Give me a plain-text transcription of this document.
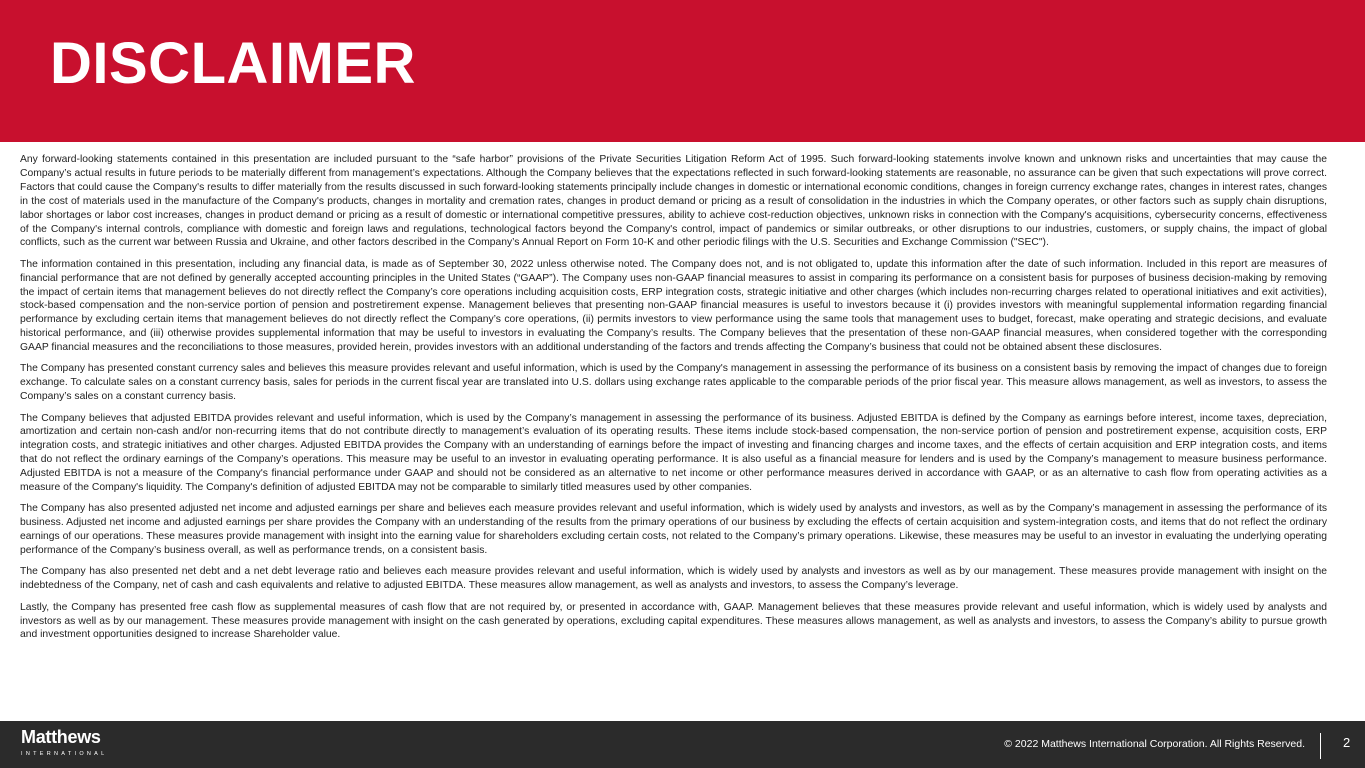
DISCLAIMER

Any forward-looking statements contained in this presentation are included pursuant to the “safe harbor” provisions of the Private Securities Litigation Reform Act of 1995. Such forward-looking statements involve known and unknown risks and uncertainties that may cause the Company’s actual results in future periods to be materially different from management’s expectations. Although the Company believes that the expectations reflected in such forward-looking statements are reasonable, no assurance can be given that such expectations will prove correct. Factors that could cause the Company's results to differ materially from the results discussed in such forward-looking statements principally include changes in domestic or international economic conditions, changes in foreign currency exchange rates, changes in interest rates, changes in the cost of materials used in the manufacture of the Company's products, changes in mortality and cremation rates, changes in product demand or pricing as a result of consolidation in the industries in which the Company operates, or other factors such as supply chain disruptions, labor shortages or labor cost increases, changes in product demand or pricing as a result of domestic or international competitive pressures, ability to achieve cost-reduction objectives, unknown risks in connection with the Company's acquisitions, cybersecurity concerns, effectiveness of the Company's internal controls, compliance with domestic and foreign laws and regulations, technological factors beyond the Company's control, impact of pandemics or similar outbreaks, or other disruptions to our industries, customers, or supply chains, the impact of global conflicts, such as the current war between Russia and Ukraine, and other factors described in the Company’s Annual Report on Form 10-K and other periodic filings with the U.S. Securities and Exchange Commission ("SEC").

The information contained in this presentation, including any financial data, is made as of September 30, 2022 unless otherwise noted. The Company does not, and is not obligated to, update this information after the date of such information. Included in this report are measures of financial performance that are not defined by generally accepted accounting principles in the United States (“GAAP”). The Company uses non-GAAP financial measures to assist in comparing its performance on a consistent basis for purposes of business decision-making by removing the impact of certain items that management believes do not directly reflect the Company’s core operations including acquisition costs, ERP integration costs, strategic initiative and other charges (which includes non-recurring charges related to operational initiatives and exit activities), stock-based compensation and the non-service portion of pension and postretirement expense. Management believes that presenting non-GAAP financial measures is useful to investors because it (i) provides investors with meaningful supplemental information regarding financial performance by excluding certain items that management believes do not directly reflect the Company’s core operations, (ii) permits investors to view performance using the same tools that management uses to budget, forecast, make operating and strategic decisions, and evaluate historical performance, and (iii) otherwise provides supplemental information that may be useful to investors in evaluating the Company’s results. The Company believes that the presentation of these non-GAAP financial measures, when considered together with the corresponding GAAP financial measures and the reconciliations to those measures, provided herein, provides investors with an additional understanding of the factors and trends affecting the Company’s business that could not be obtained absent these disclosures.

The Company has presented constant currency sales and believes this measure provides relevant and useful information, which is used by the Company's management in assessing the performance of its business on a consistent basis by removing the impact of changes due to foreign exchange. To calculate sales on a constant currency basis, sales for periods in the current fiscal year are translated into U.S. dollars using exchange rates applicable to the comparable periods of the prior fiscal year. This measure allows management, as well as investors, to assess the Company’s sales on a constant currency basis.

The Company believes that adjusted EBITDA provides relevant and useful information, which is used by the Company’s management in assessing the performance of its business. Adjusted EBITDA is defined by the Company as earnings before interest, income taxes, depreciation, amortization and certain non-cash and/or non-recurring items that do not contribute directly to management’s evaluation of its operating results. These items include stock-based compensation, the non-service portion of pension and postretirement expense, acquisition costs, ERP integration costs, and strategic initiatives and other charges. Adjusted EBITDA provides the Company with an understanding of earnings before the impact of investing and financing charges and income taxes, and the effects of certain acquisition and ERP integration costs, and items that do not reflect the ordinary earnings of the Company’s operations. This measure may be useful to an investor in evaluating operating performance. It is also useful as a financial measure for lenders and is used by the Company’s management to measure business performance. Adjusted EBITDA is not a measure of the Company's financial performance under GAAP and should not be considered as an alternative to net income or other performance measures derived in accordance with GAAP, or as an alternative to cash flow from operating activities as a measure of the Company's liquidity. The Company's definition of adjusted EBITDA may not be comparable to similarly titled measures used by other companies.

The Company has also presented adjusted net income and adjusted earnings per share and believes each measure provides relevant and useful information, which is widely used by analysts and investors, as well as by the Company’s management in assessing the performance of its business. Adjusted net income and adjusted earnings per share provides the Company with an understanding of the results from the primary operations of our business by excluding the effects of certain acquisition and system-integration costs, and items that do not reflect the ordinary earnings of our operations. These measures provide management with insight into the earning value for shareholders excluding certain costs, not related to the Company’s primary operations. Likewise, these measures may be useful to an investor in evaluating the underlying operating performance of the Company’s business overall, as well as performance trends, on a consistent basis.

The Company has also presented net debt and a net debt leverage ratio and believes each measure provides relevant and useful information, which is widely used by analysts and investors as well as by our management. These measures provide management with insight on the indebtedness of the Company, net of cash and cash equivalents and relative to adjusted EBITDA. These measures allow management, as well as analysts and investors, to assess the Company’s leverage.

Lastly, the Company has presented free cash flow as supplemental measures of cash flow that are not required by, or presented in accordance with, GAAP. Management believes that these measures provide relevant and useful information, which is widely used by analysts and investors as well as by our management. These measures provide management with insight on the cash generated by operations, excluding capital expenditures. These measures allows management, as well as analysts and investors, to assess the Company’s ability to pursue growth and investment opportunities designed to increase Shareholder value.

Matthews
INTERNATIONAL
© 2022 Matthews International Corporation. All Rights Reserved.	2
